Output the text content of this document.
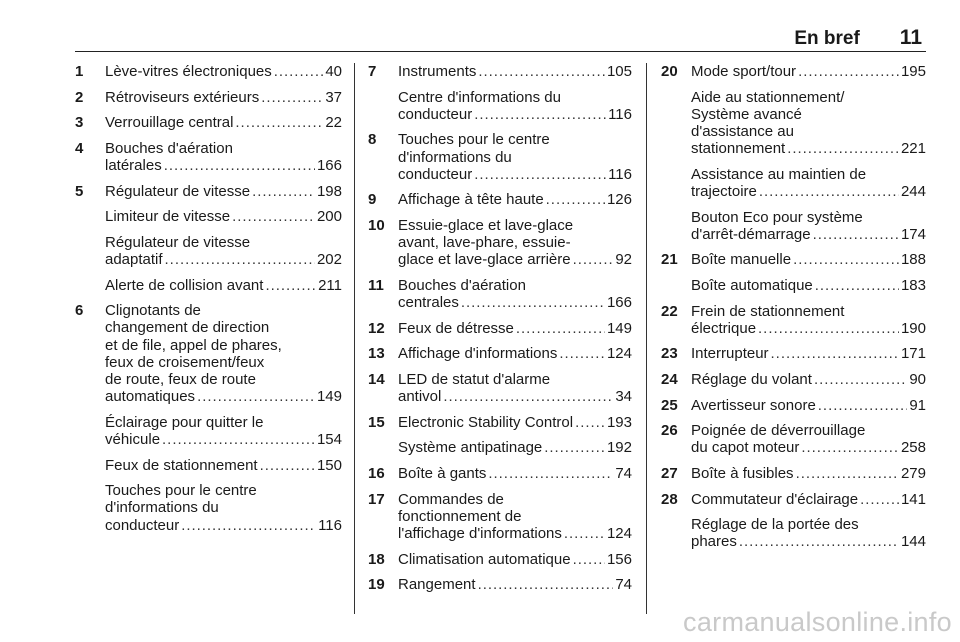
En bref 11
1	Lève-vitres électroniques . . .	40
2	Rétroviseurs extérieurs . . .	37
3	Verrouillage central . . .	22
4	Bouches d'aération
latérales . . .	166
5	Régulateur de vitesse . . .	198
Limiteur de vitesse . . .	200
Régulateur de vitesse
adaptatif . . .	202
Alerte de collision avant . . .	211
6	Clignotants de
changement de direction
et de file, appel de phares,
feux de croisement/feux
de route, feux de route
automatiques . . .	149
Éclairage pour quitter le
véhicule . . .	154
Feux de stationnement . . .	150
Touches pour le centre
d'informations du
conducteur . . .	116
7	Instruments . . .	105
Centre d'informations du
conducteur . . .	116
8	Touches pour le centre
d'informations du
conducteur . . .	116
9	Affichage à tête haute . . .	126
10 Essuie-glace et lave-glace
avant, lave-phare, essuie-
glace et lave-glace arrière . . .	92
11 Bouches d'aération
centrales . . .	166
12 Feux de détresse . . .	149
13 Affichage d'informations . . .	124
14 LED de statut d'alarme
antivol . . .	34
15 Electronic Stability Control . . . 193
Système antipatinage . . .	192
16 Boîte à gants . . .	74
17 Commandes de
fonctionnement de
l'affichage d'informations . . .	124
18 Climatisation automatique . . . 156
19 Rangement . . .	74
20 Mode sport/tour . . .	195
Aide au stationnement/
Système avancé
d'assistance au
stationnement . . .	221
Assistance au maintien de
trajectoire . . .	244
Bouton Eco pour système
d'arrêt-démarrage . . .	174
21 Boîte manuelle . . .	188
Boîte automatique . . .	183
22 Frein de stationnement
électrique . . .	190
23 Interrupteur . . .	171
24 Réglage du volant . . .	90
25 Avertisseur sonore . . .	91
26 Poignée de déverrouillage
du capot moteur . . .	258
27 Boîte à fusibles . . .	279
28 Commutateur d'éclairage . . .	141
Réglage de la portée des
phares . . .	144
carmanualsonline.info
